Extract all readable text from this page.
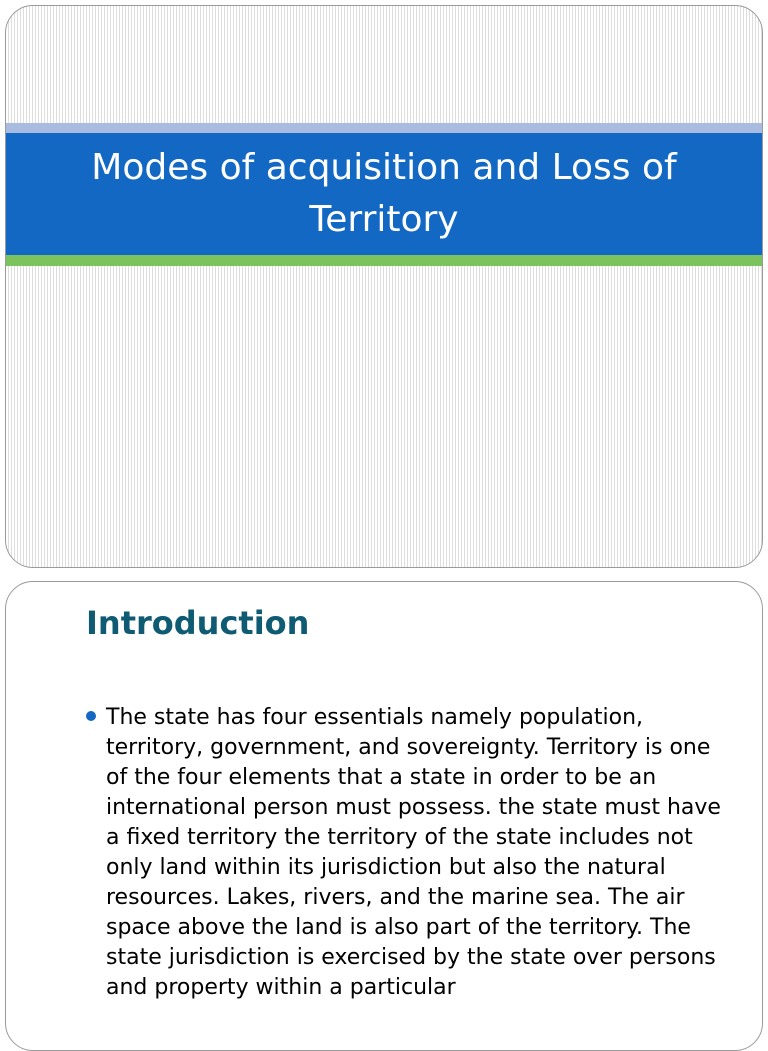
Modes of acquisition and Loss of Territory
Introduction

The state has four essentials namely population, territory, government, and sovereignty. Territory is one of the four elements that a state in order to be an international person must possess. the state must have a fixed territory the territory of the state includes not only land within its jurisdiction but also the natural resources. Lakes, rivers, and the marine sea. The air space above the land is also part of the territory. The state jurisdiction is exercised by the state over persons and property within a particular
